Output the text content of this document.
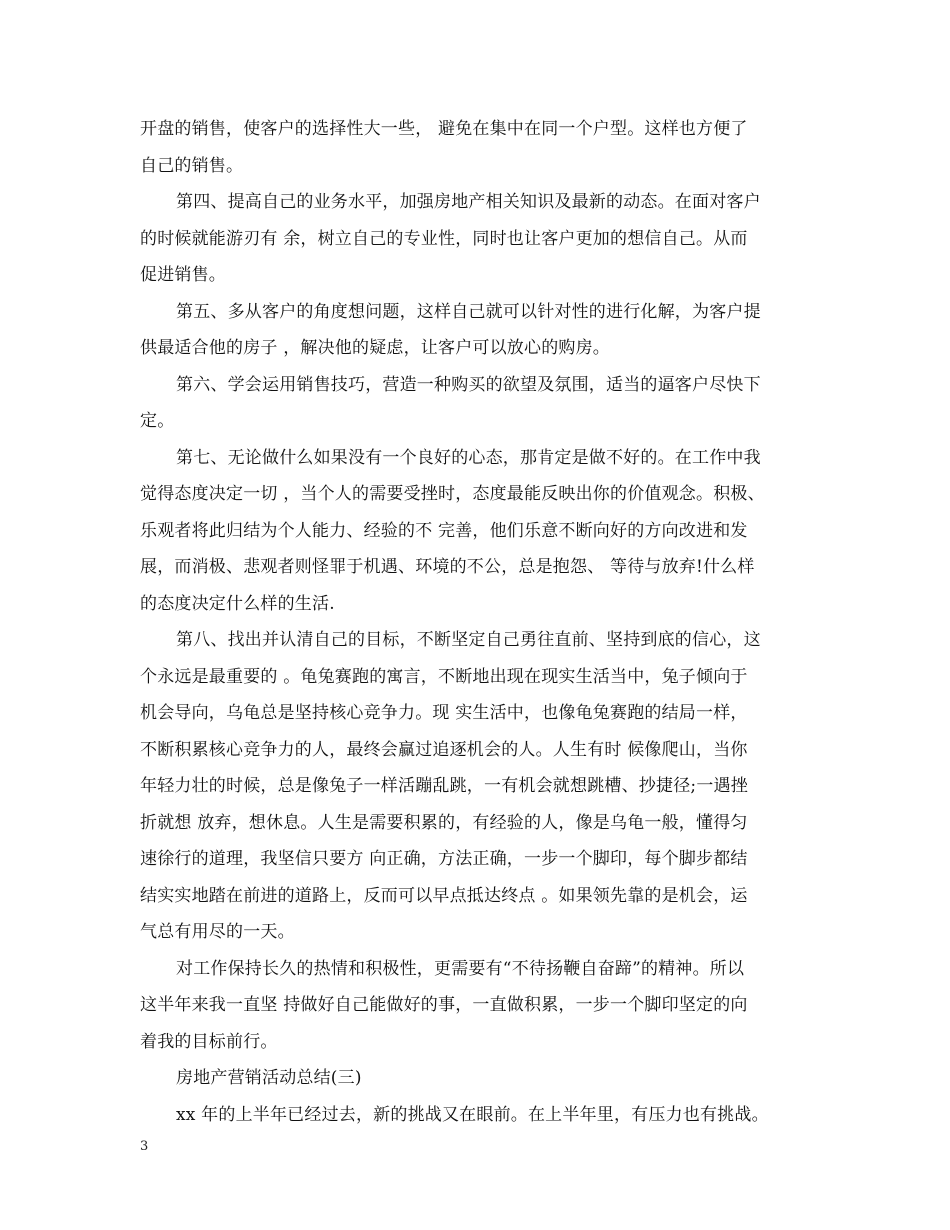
开盘的销售，使客户的选择性大一些， 避免在集中在同一个户型。这样也方便了
自己的销售。
第四、提高自己的业务水平，加强房地产相关知识及最新的动态。在面对客户
的时候就能游刃有 余，树立自己的专业性，同时也让客户更加的想信自己。从而
促进销售。
第五、多从客户的角度想问题，这样自己就可以针对性的进行化解，为客户提
供最适合他的房子 ，解决他的疑虑，让客户可以放心的购房。
第六、学会运用销售技巧，营造一种购买的欲望及氛围，适当的逼客户尽快下
定。
第七、无论做什么如果没有一个良好的心态，那肯定是做不好的。在工作中我
觉得态度决定一切 ，当个人的需要受挫时，态度最能反映出你的价值观念。积极、
乐观者将此归结为个人能力、经验的不 完善，他们乐意不断向好的方向改进和发
展，而消极、悲观者则怪罪于机遇、环境的不公，总是抱怨、 等待与放弃!什么样
的态度决定什么样的生活.
第八、找出并认清自己的目标，不断坚定自己勇往直前、坚持到底的信心，这
个永远是最重要的 。龟兔赛跑的寓言，不断地出现在现实生活当中，兔子倾向于
机会导向，乌龟总是坚持核心竞争力。现 实生活中，也像龟兔赛跑的结局一样，
不断积累核心竞争力的人，最终会赢过追逐机会的人。人生有时 候像爬山，当你
年轻力壮的时候，总是像兔子一样活蹦乱跳，一有机会就想跳槽、抄捷径;一遇挫
折就想 放弃，想休息。人生是需要积累的，有经验的人，像是乌龟一般，懂得匀
速徐行的道理，我坚信只要方 向正确，方法正确，一步一个脚印，每个脚步都结
结实实地踏在前进的道路上，反而可以早点抵达终点 。如果领先靠的是机会，运
气总有用尽的一天。
对工作保持长久的热情和积极性，更需要有“不待扬鞭自奋蹄”的精神。所以
这半年来我一直坚 持做好自己能做好的事，一直做积累，一步一个脚印坚定的向
着我的目标前行。
房地产营销活动总结(三)
xx 年的上半年已经过去，新的挑战又在眼前。在上半年里，有压力也有挑战。
3
